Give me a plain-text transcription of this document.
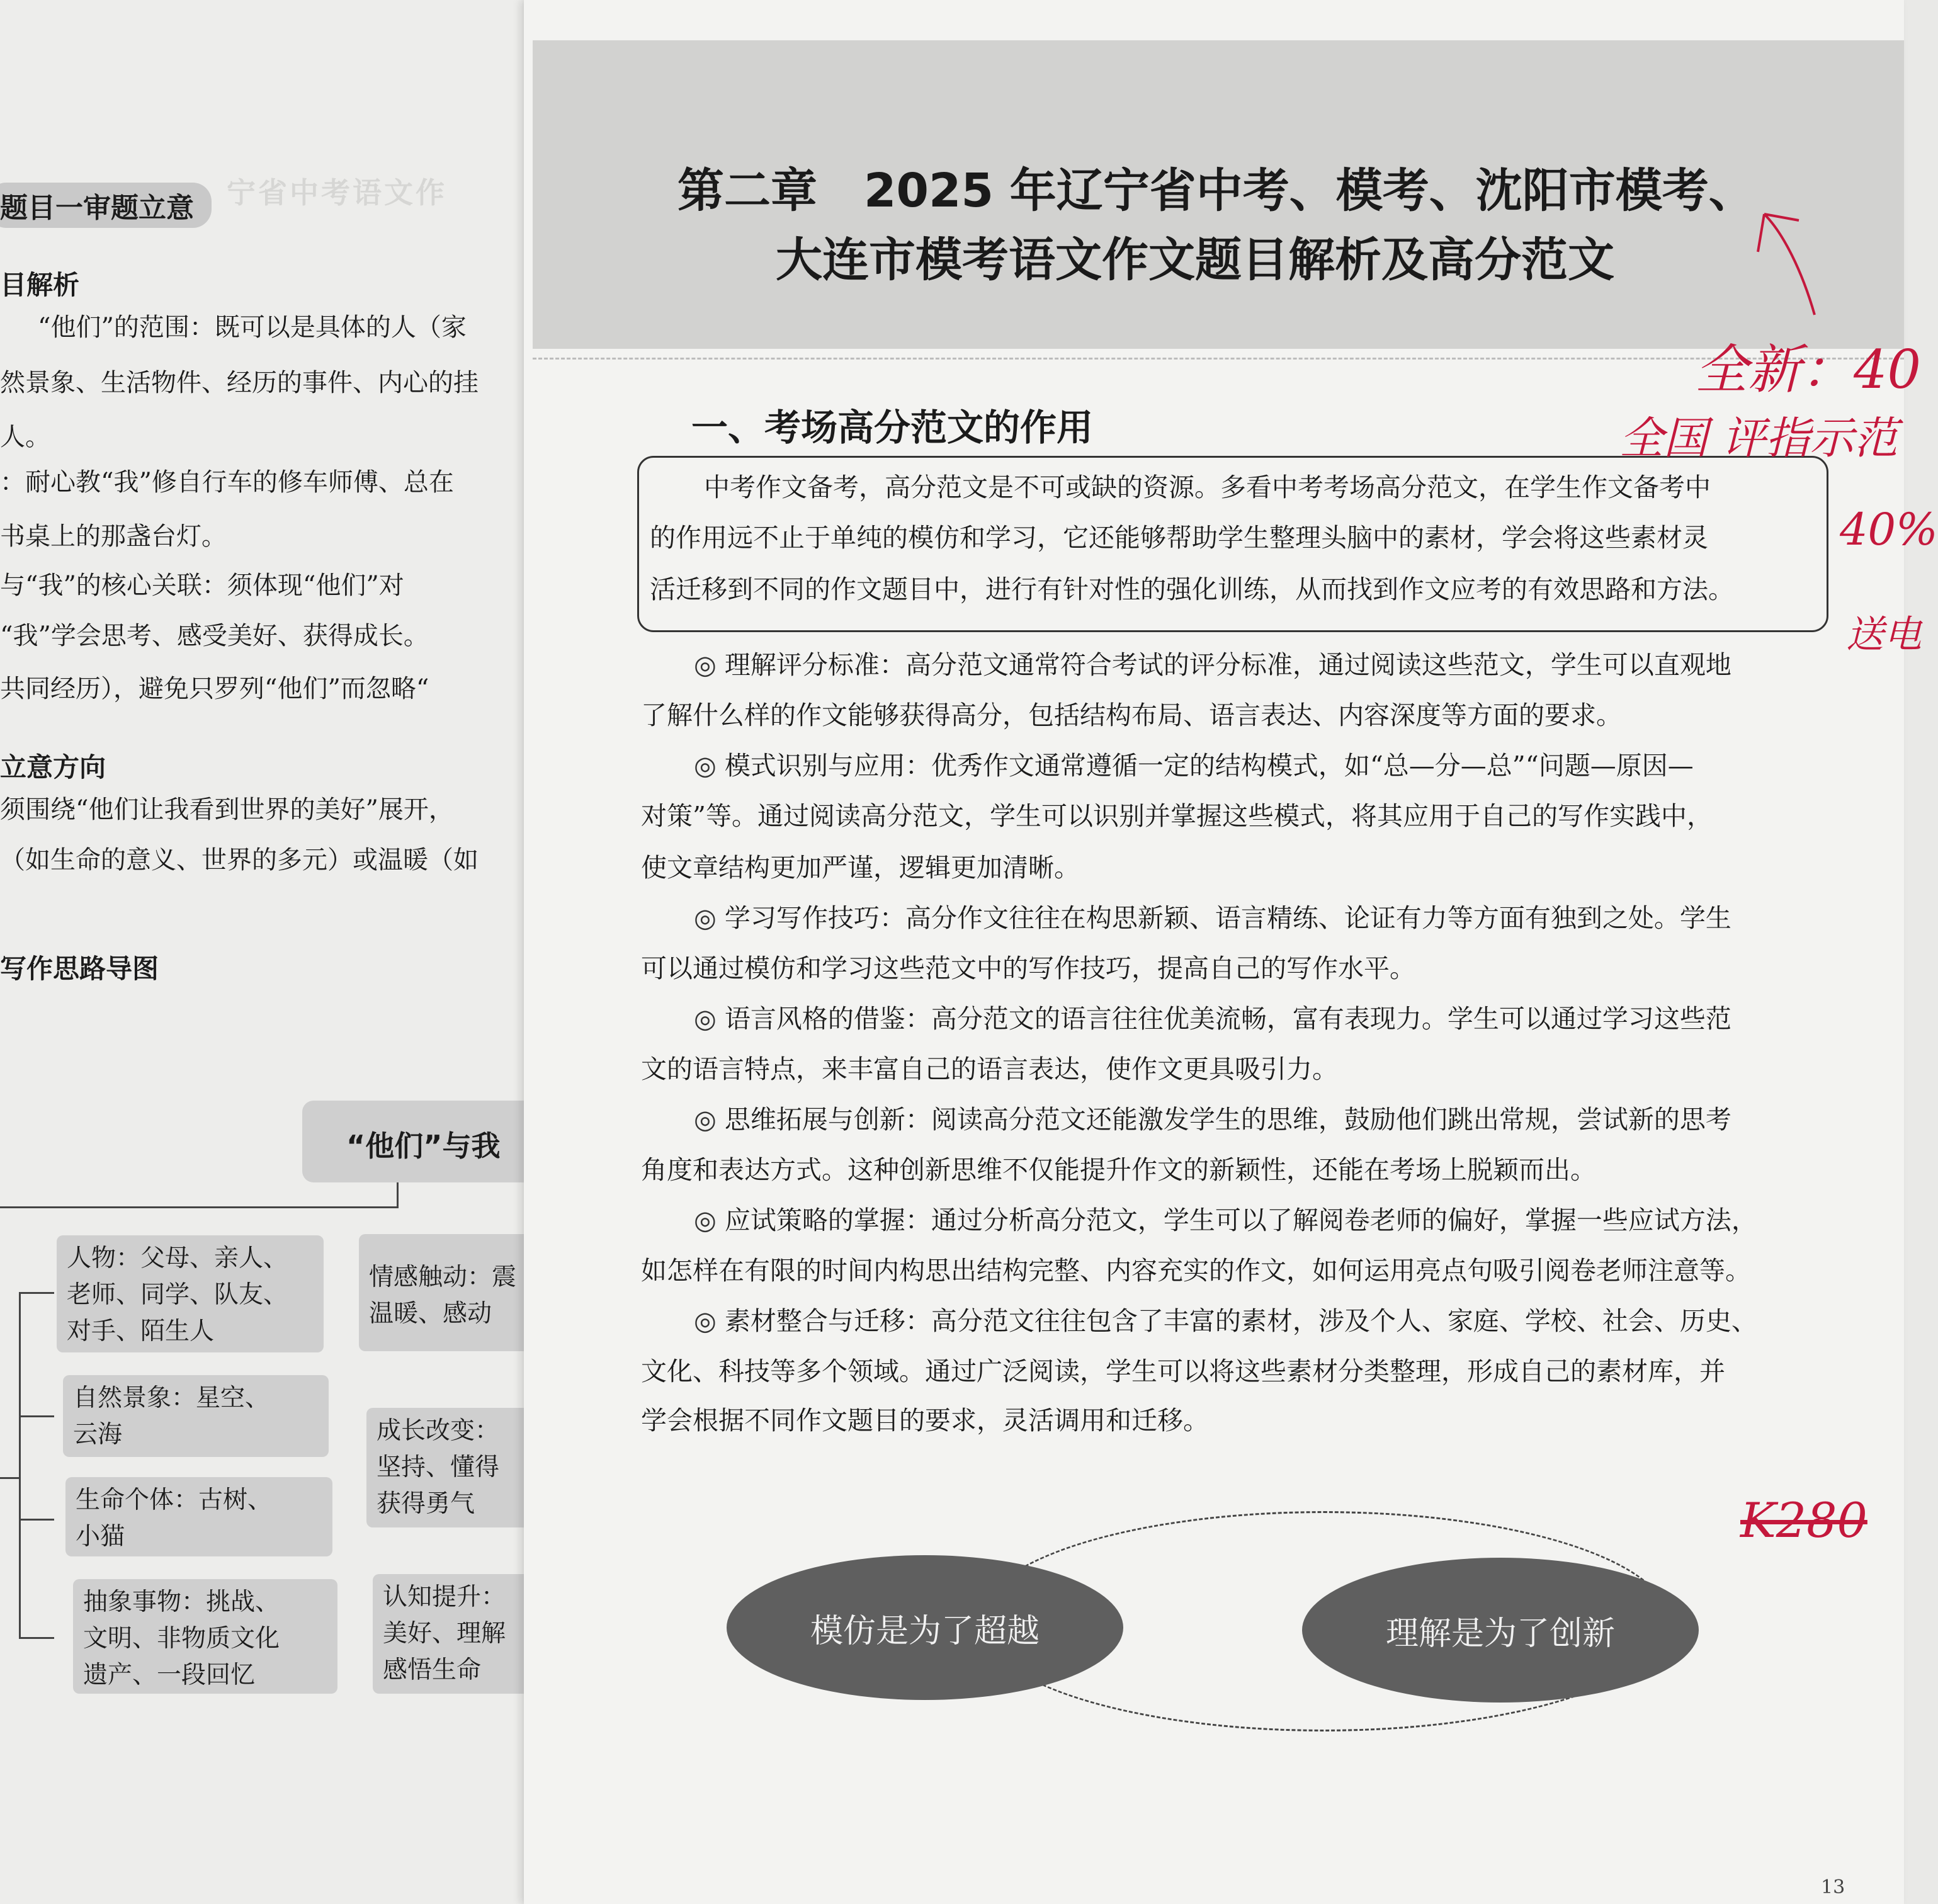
宁省中考语文作
题目一审题立意
目解析
“他们”的范围：既可以是具体的人（家
然景象、生活物件、经历的事件、内心的挂
人。
：耐心教“我”修自行车的修车师傅、总在
书桌上的那盏台灯。
与“我”的核心关联：须体现“他们”对
“我”学会思考、感受美好、获得成长。
共同经历），避免只罗列“他们”而忽略“
立意方向
须围绕“他们让我看到世界的美好”展开，
（如生命的意义、世界的多元）或温暖（如
写作思路导图
“他们”与我
人物：父母、亲人、
老师、同学、队友、
对手、陌生人
自然景象：星空、
云海
生命个体：古树、
小猫
抽象事物：挑战、
文明、非物质文化
遗产、一段回忆
情感触动：震
温暖、感动
成长改变：
坚持、懂得
获得勇气
认知提升：
美好、理解
感悟生命
第二章　2025 年辽宁省中考、模考、沈阳市模考、
大连市模考语文作文题目解析及高分范文
一、考场高分范文的作用
中考作文备考，高分范文是不可或缺的资源。多看中考考场高分范文，在学生作文备考中
的作用远不止于单纯的模仿和学习，它还能够帮助学生整理头脑中的素材，学会将这些素材灵
活迁移到不同的作文题目中，进行有针对性的强化训练，从而找到作文应考的有效思路和方法。
◎ 理解评分标准：高分范文通常符合考试的评分标准，通过阅读这些范文，学生可以直观地
了解什么样的作文能够获得高分，包括结构布局、语言表达、内容深度等方面的要求。
◎ 模式识别与应用：优秀作文通常遵循一定的结构模式，如“总—分—总”“问题—原因—
对策”等。通过阅读高分范文，学生可以识别并掌握这些模式，将其应用于自己的写作实践中，
使文章结构更加严谨，逻辑更加清晰。
◎ 学习写作技巧：高分作文往往在构思新颖、语言精练、论证有力等方面有独到之处。学生
可以通过模仿和学习这些范文中的写作技巧，提高自己的写作水平。
◎ 语言风格的借鉴：高分范文的语言往往优美流畅，富有表现力。学生可以通过学习这些范
文的语言特点，来丰富自己的语言表达，使作文更具吸引力。
◎ 思维拓展与创新：阅读高分范文还能激发学生的思维，鼓励他们跳出常规，尝试新的思考
角度和表达方式。这种创新思维不仅能提升作文的新颖性，还能在考场上脱颖而出。
◎ 应试策略的掌握：通过分析高分范文，学生可以了解阅卷老师的偏好，掌握一些应试方法，
如怎样在有限的时间内构思出结构完整、内容充实的作文，如何运用亮点句吸引阅卷老师注意等。
◎ 素材整合与迁移：高分范文往往包含了丰富的素材，涉及个人、家庭、学校、社会、历史、
文化、科技等多个领域。通过广泛阅读，学生可以将这些素材分类整理，形成自己的素材库，并
学会根据不同作文题目的要求，灵活调用和迁移。
模仿是为了超越	理解是为了创新
13
全新：40
全国 评指示范
40%
送电
K280
